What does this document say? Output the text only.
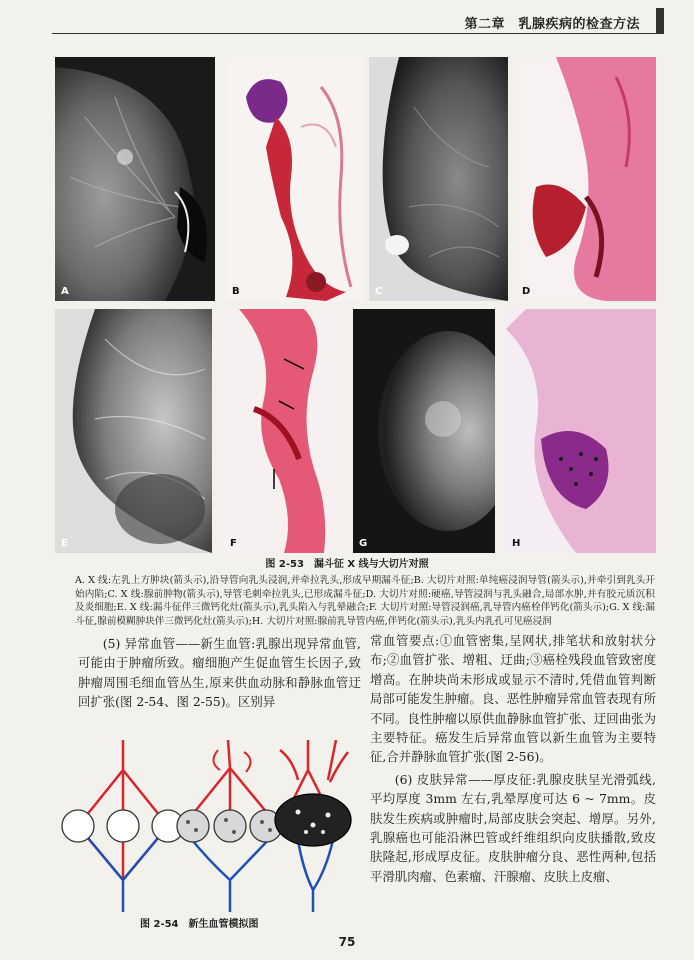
第二章　乳腺疾病的检查方法
A	B	C	D
E	F	G	H
图 2-53　漏斗征 X 线与大切片对照
A. X 线:左乳上方肿块(箭头示),沿导管向乳头浸润,并牵拉乳头,形成早期漏斗征;B. 大切片对照:单纯癌浸润导管(箭头示),并牵引到乳头开始内陷;C. X 线:腺前肿物(箭头示),导管毛刺牵拉乳头,已形成漏斗征;D. 大切片对照:硬癌,导管浸润与乳头融合,局部水肿,并有胶元质沉积及炎细胞;E. X 线:漏斗征伴三微钙化灶(箭头示),乳头陷入与乳晕融合;F. 大切片对照:导管浸润癌,乳导管内癌栓伴钙化(箭头示);G. X 线:漏斗征,腺前模糊肿块伴三微钙化灶(箭头示);H. 大切片对照:腺前乳导管内癌,伴钙化(箭头示),乳头内乳孔可见癌浸润

(5) 异常血管——新生血管:乳腺出现异常血管,可能由于肿瘤所致。瘤细胞产生促血管生长因子,致肿瘤周围毛细血管丛生,原来供血动脉和静脉血管迂回扩张(图 2-54、图 2-55)。区别异

常血管要点:①血管密集,呈网状,排笔状和放射状分布;②血管扩张、增粗、迂曲;③癌栓残段血管致密度增高。在肿块尚未形成或显示不清时,凭借血管判断局部可能发生肿瘤。良、恶性肿瘤异常血管表现有所不同。良性肿瘤以原供血静脉血管扩张、迂回曲张为主要特征。癌发生后异常血管以新生血管为主要特征,合并静脉血管扩张(图 2-56)。

(6) 皮肤异常——厚皮征:乳腺皮肤呈光滑弧线,平均厚度 3mm 左右,乳晕厚度可达 6 ~ 7mm。皮肤发生疾病或肿瘤时,局部皮肤会突起、增厚。另外,乳腺癌也可能沿淋巴管或纤维组织向皮肤播散,致皮肤隆起,形成厚皮征。皮肤肿瘤分良、恶性两种,包括平滑肌肉瘤、色素瘤、汗腺瘤、皮肤上皮瘤、

图 2-54　新生血管模拟图
75
